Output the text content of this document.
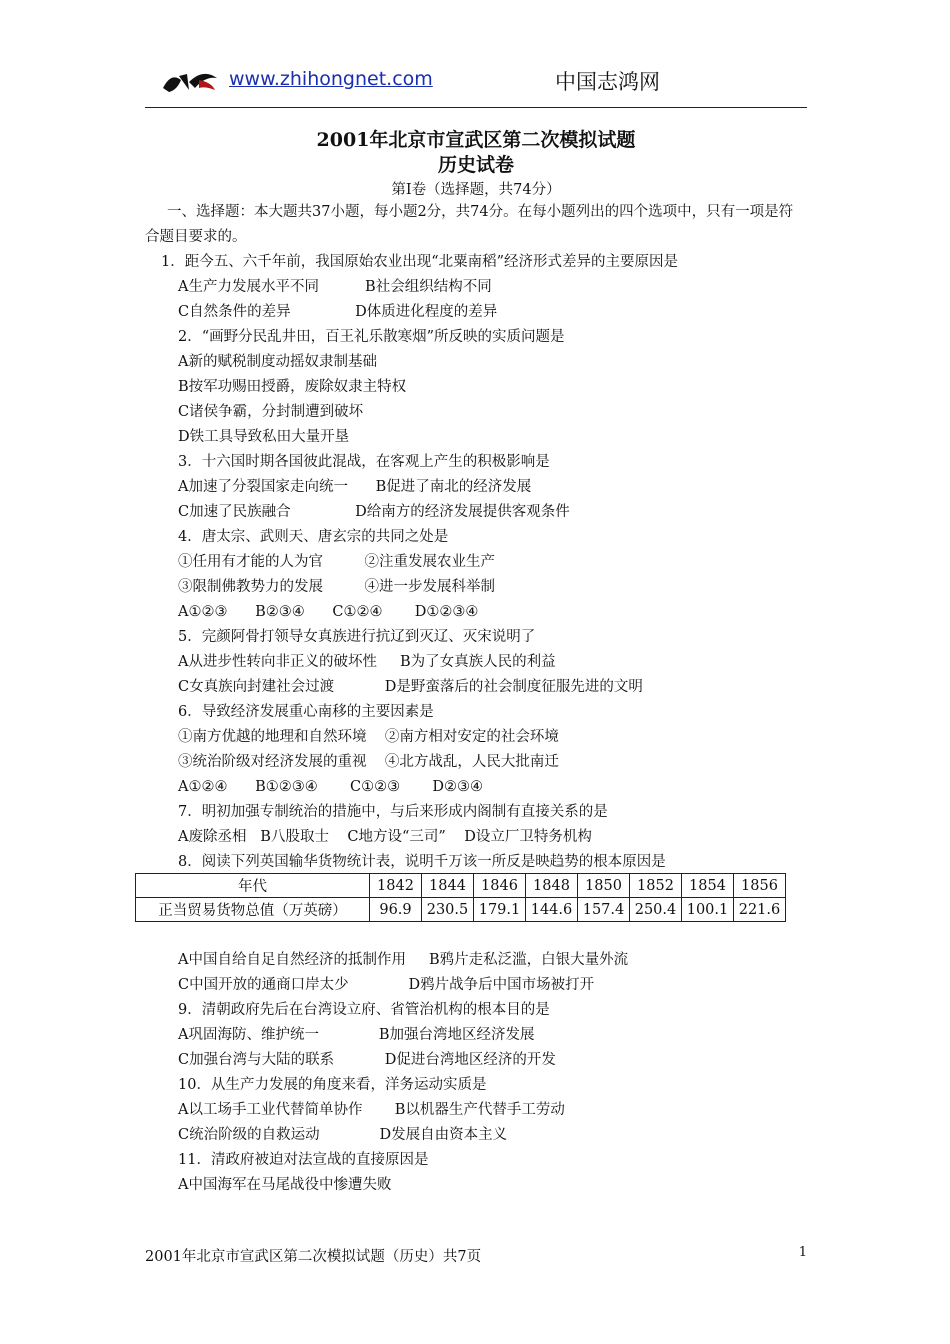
www.zhihongnet.com	中国志鸿网
2001年北京市宣武区第二次模拟试题
历史试卷
第I卷（选择题，共74分）

一、选择题：本大题共37小题，每小题2分，共74分。在每小题列出的四个选项中，只有一项是符合题目要求的。

1．距今五、六千年前，我国原始农业出现“北粟南稻”经济形式差异的主要原因是
A生产力发展水平不同          B社会组织结构不同
C自然条件的差异              D体质进化程度的差异
2．“画野分民乱井田，百王礼乐散寒烟”所反映的实质问题是
A新的赋税制度动摇奴隶制基础
B按军功赐田授爵，废除奴隶主特权
C诸侯争霸，分封制遭到破坏
D铁工具导致私田大量开垦
3．十六国时期各国彼此混战，在客观上产生的积极影响是
A加速了分裂国家走向统一      B促进了南北的经济发展
C加速了民族融合              D给南方的经济发展提供客观条件
4．唐太宗、武则天、唐玄宗的共同之处是
①任用有才能的人为官         ②注重发展农业生产
③限制佛教势力的发展         ④进一步发展科举制
A①②③      B②③④      C①②④       D①②③④
5．完颜阿骨打领导女真族进行抗辽到灭辽、灭宋说明了
A从进步性转向非正义的破坏性     B为了女真族人民的利益
C女真族向封建社会过渡           D是野蛮落后的社会制度征服先进的文明
6．导致经济发展重心南移的主要因素是
①南方优越的地理和自然环境    ②南方相对安定的社会环境
③统治阶级对经济发展的重视    ④北方战乱，人民大批南迁
A①②④      B①②③④       C①②③       D②③④
7．明初加强专制统治的措施中，与后来形成内阁制有直接关系的是
A废除丞相   B八股取士    C地方设“三司”    D设立厂卫特务机构
8．阅读下列英国输华货物统计表，说明千万该一所反是映趋势的根本原因是
年代	1842	1844	1846	1848	1850	1852	1854	1856
正当贸易货物总值（万英磅）	96.9	230.5	179.1	144.6	157.4	250.4	100.1	221.6
A中国自给自足自然经济的抵制作用     B鸦片走私泛滥，白银大量外流
C中国开放的通商口岸太少             D鸦片战争后中国市场被打开
9．清朝政府先后在台湾设立府、省管治机构的根本目的是
A巩固海防、维护统一             B加强台湾地区经济发展
C加强台湾与大陆的联系           D促进台湾地区经济的开发
10．从生产力发展的角度来看，洋务运动实质是
A以工场手工业代替简单协作       B以机器生产代替手工劳动
C统治阶级的自救运动             D发展自由资本主义
11．清政府被迫对法宣战的直接原因是
A中国海军在马尾战役中惨遭失败
2001年北京市宣武区第二次模拟试题（历史）共7页	1
